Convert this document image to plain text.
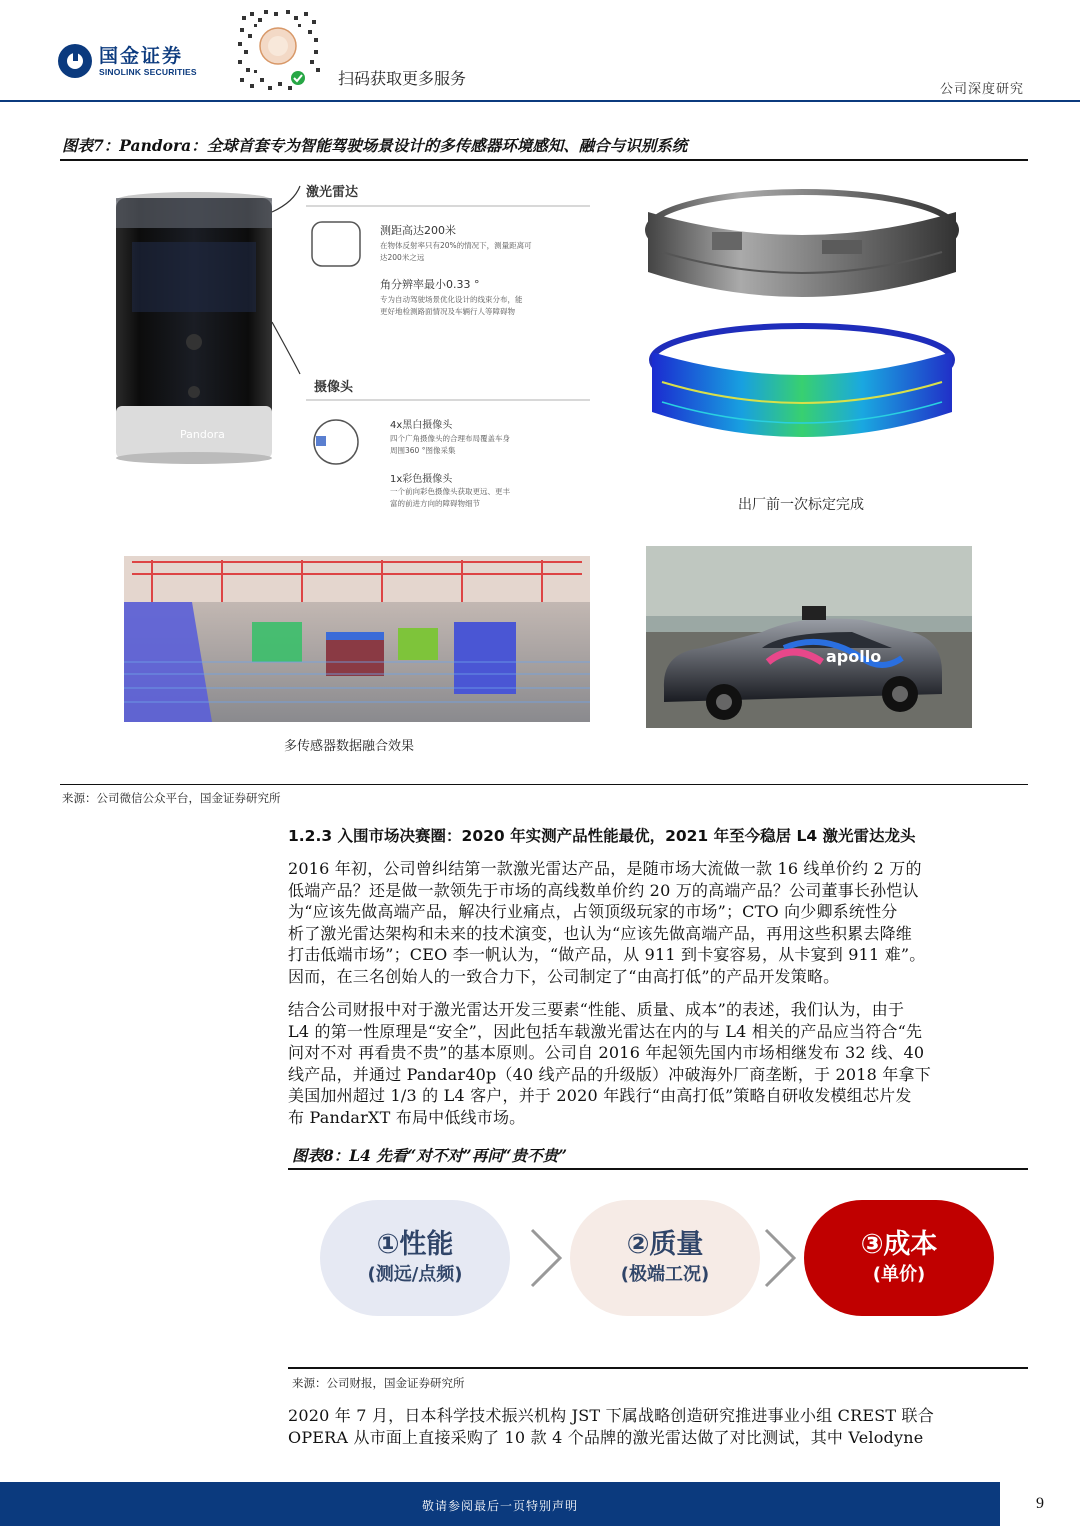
国金证券
SINOLINK SECURITIES	扫码获取更多服务
公司深度研究
图表7：Pandora：全球首套专为智能驾驶场景设计的多传感器环境感知、融合与识别系统
Pandora
激光雷达
测距高达200米
在物体反射率只有20%的情况下，测量距离可
达200米之远
角分辨率最小0.33 °
专为自动驾驶场景优化设计的线束分布，能
更好地检测路面情况及车辆行人等障碍物
摄像头
4x黑白摄像头
四个广角摄像头的合理布局覆盖车身
周围360 °图像采集
1x彩色摄像头
一个前向彩色摄像头获取更远、更丰
富的前进方向的障碍物细节	出厂前一次标定完成
多传感器数据融合效果
apollo
来源：公司微信公众平台，国金证券研究所
1.2.3 入围市场决赛圈：2020 年实测产品性能最优，2021 年至今稳居 L4 激光雷达龙头
2016 年初，公司曾纠结第一款激光雷达产品，是随市场大流做一款 16 线单价约 2 万的
低端产品？还是做一款领先于市场的高线数单价约 20 万的高端产品？公司董事长孙恺认
为“应该先做高端产品，解决行业痛点，占领顶级玩家的市场”；CTO 向少卿系统性分
析了激光雷达架构和未来的技术演变，也认为“应该先做高端产品，再用这些积累去降维
打击低端市场”；CEO 李一帆认为，“做产品，从 911 到卡宴容易，从卡宴到 911 难”。
因而，在三名创始人的一致合力下，公司制定了“由高打低”的产品开发策略。
结合公司财报中对于激光雷达开发三要素“性能、质量、成本”的表述，我们认为，由于
L4 的第一性原理是“安全”，因此包括车载激光雷达在内的与 L4 相关的产品应当符合“先
问对不对 再看贵不贵”的基本原则。公司自 2016 年起领先国内市场相继发布 32 线、40
线产品，并通过 Pandar40p（40 线产品的升级版）冲破海外厂商垄断，于 2018 年拿下
美国加州超过 1/3 的 L4 客户，并于 2020 年践行“由高打低”策略自研收发模组芯片发
布 PandarXT 布局中低线市场。
图表8：L4 先看“对不对”再问“贵不贵”
①性能
(测远/点频)
②质量
(极端工况)
③成本
(单价)
来源：公司财报，国金证券研究所
2020 年 7 月，日本科学技术振兴机构 JST 下属战略创造研究推进事业小组 CREST 联合
OPERA 从市面上直接采购了 10 款 4 个品牌的激光雷达做了对比测试，其中 Velodyne
敬请参阅最后一页特别声明	9
